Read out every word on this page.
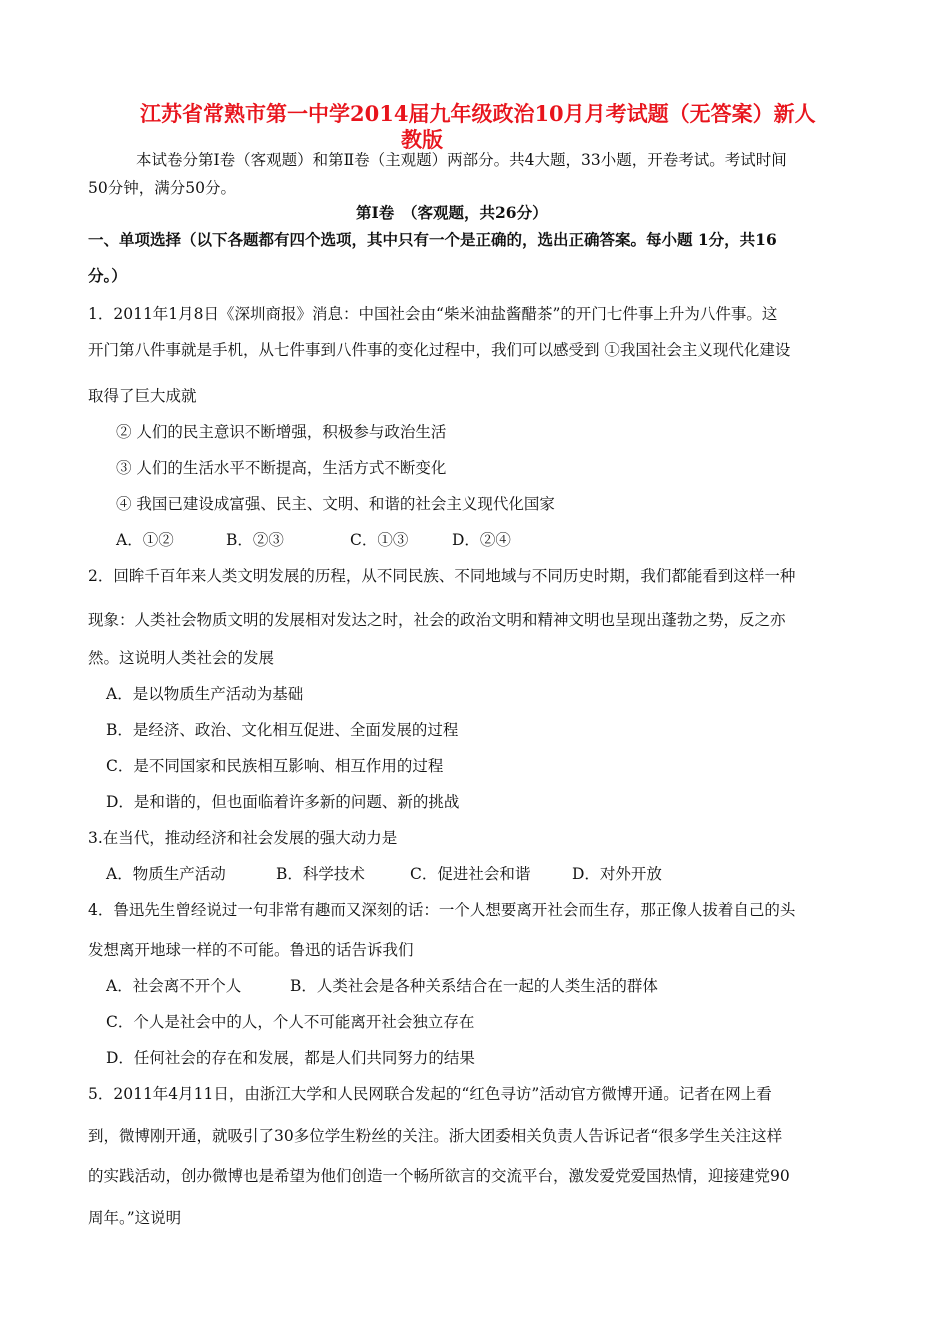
江苏省常熟市第一中学2014届九年级政治10月月考试题（无答案）新人
教版
本试卷分第Ⅰ卷（客观题）和第Ⅱ卷（主观题）两部分。共4大题，33小题，开卷考试。考试时间
50分钟，满分50分。
第Ⅰ卷　（客观题，共26分）
一、单项选择（以下各题都有四个选项，其中只有一个是正确的，选出正确答案。每小题 1分，共16
分。）
1．2011年1月8日《深圳商报》消息：中国社会由“柴米油盐酱醋茶”的开门七件事上升为八件事。这
开门第八件事就是手机，从七件事到八件事的变化过程中，我们可以感受到 ①我国社会主义现代化建设
取得了巨大成就
② 人们的民主意识不断增强，积极参与政治生活
③ 人们的生活水平不断提高，生活方式不断变化
④ 我国已建设成富强、民主、文明、和谐的社会主义现代化国家
A．①②	B．②③	C．①③	D．②④
2．回眸千百年来人类文明发展的历程，从不同民族、不同地域与不同历史时期，我们都能看到这样一种
现象：人类社会物质文明的发展相对发达之时，社会的政治文明和精神文明也呈现出蓬勃之势，反之亦
然。这说明人类社会的发展
A．是以物质生产活动为基础
B．是经济、政治、文化相互促进、全面发展的过程
C．是不同国家和民族相互影响、相互作用的过程
D．是和谐的，但也面临着许多新的问题、新的挑战
3.在当代，推动经济和社会发展的强大动力是
A．物质生产活动	B．科学技术	C．促进社会和谐	D．对外开放
4．鲁迅先生曾经说过一句非常有趣而又深刻的话：一个人想要离开社会而生存，那正像人拔着自己的头
发想离开地球一样的不可能。鲁迅的话告诉我们
A．社会离不开个人	B．人类社会是各种关系结合在一起的人类生活的群体
C．个人是社会中的人，个人不可能离开社会独立存在
D．任何社会的存在和发展，都是人们共同努力的结果
5．2011年4月11日，由浙江大学和人民网联合发起的“红色寻访”活动官方微博开通。记者在网上看
到，微博刚开通，就吸引了30多位学生粉丝的关注。浙大团委相关负责人告诉记者“很多学生关注这样
的实践活动，创办微博也是希望为他们创造一个畅所欲言的交流平台，激发爱党爱国热情，迎接建党90
周年。”这说明
